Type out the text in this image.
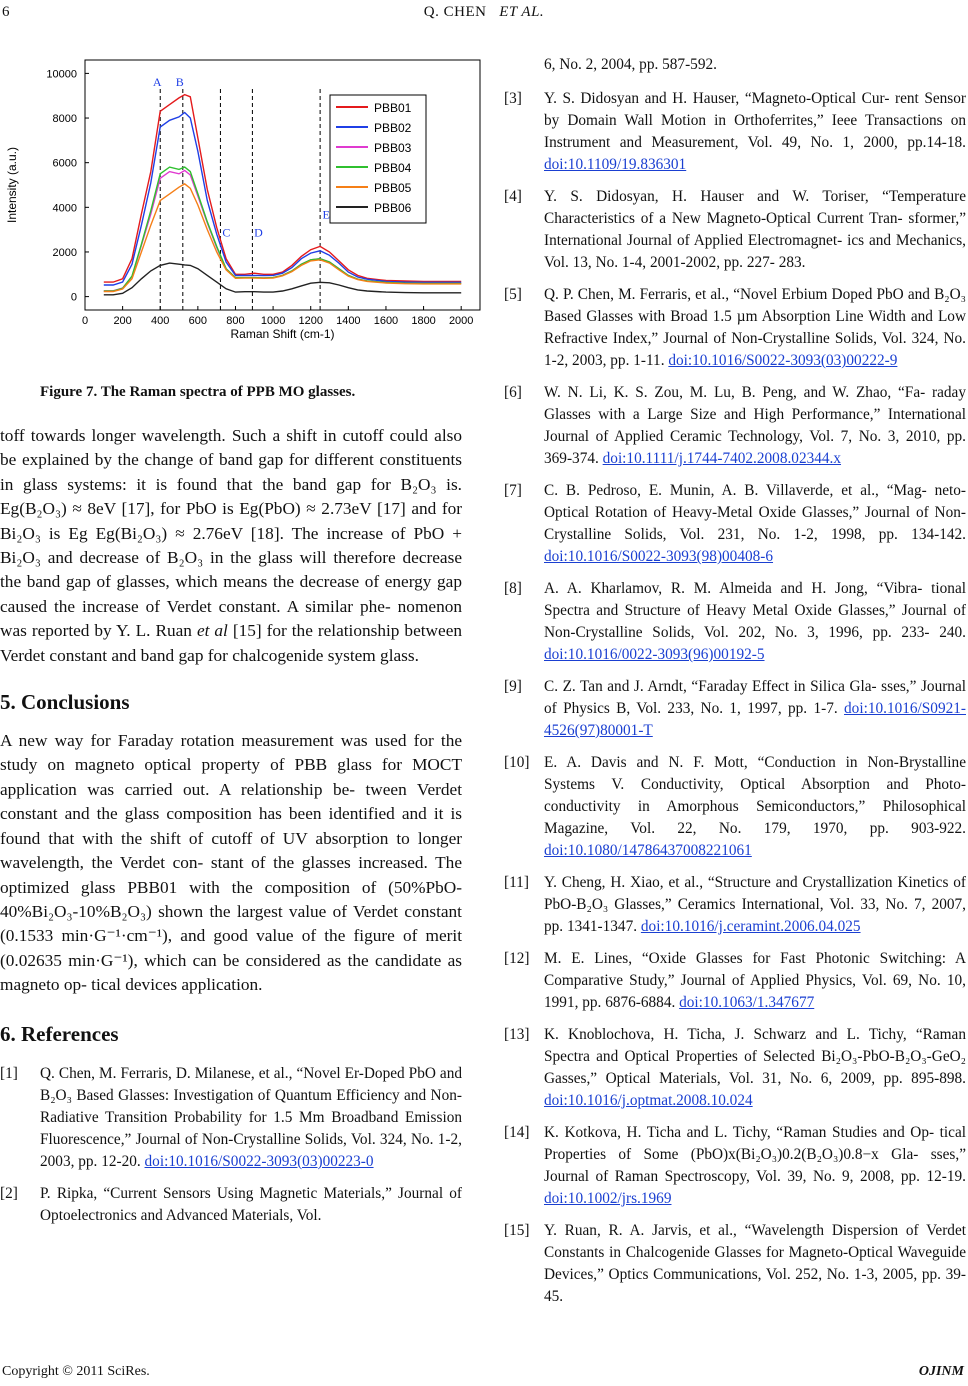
6	Q. CHEN ET AL.
0 200 400 600 800 1000 1200 1400 1600 1800 2000
0
2000
4000
6000
8000
10000
Raman Shift (cm-1)
Intensity (a.u.)
A B
C D
E
PBB01
PBB02
PBB03
PBB04
PBB05
PBB06
Figure 7. The Raman spectra of PPB MO glasses.

toff towards longer wavelength. Such a shift in cutoff could also be explained by the change of band gap for different constituents in glass systems: it is found that the band gap for B₂O₃ is. Eg(B₂O₃) ≈ 8eV [17], for PbO is Eg(PbO) ≈ 2.73eV [17] and for Bi₂O₃ is Eg Eg(Bi₂O₃) ≈ 2.76eV [18]. The increase of PbO + Bi₂O₃ and decrease of B₂O₃ in the glass will therefore decrease the band gap of glasses, which means the decrease of energy gap caused the increase of Verdet constant. A similar phe- nomenon was reported by Y. L. Ruan et al [15] for the relationship between Verdet constant and band gap for chalcogenide system glass.

5. Conclusions

A new way for Faraday rotation measurement was used for the study on magneto optical property of PBB glass for MOCT application was carried out. A relationship be- tween Verdet constant and the glass composition has been identified and it is found that with the shift of cutoff of UV absorption to longer wavelength, the Verdet con- stant of the glasses increased. The optimized glass PBB01 with the composition of (50%PbO-40%Bi₂O₃-10%B₂O₃) shown the largest value of Verdet constant (0.1533 min·G⁻¹·cm⁻¹), and good value of the figure of merit (0.02635 min·G⁻¹), which can be considered as the candidate as magneto op- tical devices application.

6. References
[1]	Q. Chen, M. Ferraris, D. Milanese, et al., “Novel Er-Doped PbO and B₂O₃ Based Glasses: Investigation of Quantum Efficiency and Non-Radiative Transition Probability for 1.5 Mm Broadband Emission Fluorescence,” Journal of Non-Crystalline Solids, Vol. 324, No. 1-2, 2003, pp. 12-20. doi:10.1016/S0022-3093(03)00223-0
[2]	P. Ripka, “Current Sensors Using Magnetic Materials,” Journal of Optoelectronics and Advanced Materials, Vol.
6, No. 2, 2004, pp. 587-592.
[3]	Y. S. Didosyan and H. Hauser, “Magneto-Optical Cur- rent Sensor by Domain Wall Motion in Orthoferrites,” Ieee Transactions on Instrument and Measurement, Vol. 49, No. 1, 2000, pp.14-18. doi:10.1109/19.836301
[4]	Y. S. Didosyan, H. Hauser and W. Toriser, “Temperature Characteristics of a New Magneto-Optical Current Tran- sformer,” International Journal of Applied Electromagnet- ics and Mechanics, Vol. 13, No. 1-4, 2001-2002, pp. 227- 283.
[5]	Q. P. Chen, M. Ferraris, et al., “Novel Erbium Doped PbO and B₂O₃ Based Glasses with Broad 1.5 µm Absorption Line Width and Low Refractive Index,” Journal of Non-Crystalline Solids, Vol. 324, No. 1-2, 2003, pp. 1-11. doi:10.1016/S0022-3093(03)00222-9
[6]	W. N. Li, K. S. Zou, M. Lu, B. Peng, and W. Zhao, “Fa- raday Glasses with a Large Size and High Performance,” International Journal of Applied Ceramic Technology, Vol. 7, No. 3, 2010, pp. 369-374. doi:10.1111/j.1744-7402.2008.02344.x
[7]	C. B. Pedroso, E. Munin, A. B. Villaverde, et al., “Mag- neto-Optical Rotation of Heavy-Metal Oxide Glasses,” Journal of Non-Crystalline Solids, Vol. 231, No. 1-2, 1998, pp. 134-142. doi:10.1016/S0022-3093(98)00408-6
[8]	A. A. Kharlamov, R. M. Almeida and H. Jong, “Vibra- tional Spectra and Structure of Heavy Metal Oxide Glasses,” Journal of Non-Crystalline Solids, Vol. 202, No. 3, 1996, pp. 233- 240. doi:10.1016/0022-3093(96)00192-5
[9]	C. Z. Tan and J. Arndt, “Faraday Effect in Silica Gla- sses,” Journal of Physics B, Vol. 233, No. 1, 1997, pp. 1-7. doi:10.1016/S0921-4526(97)80001-T
[10] E. A. Davis and N. F. Mott, “Conduction in Non-Brystalline Systems V. Conductivity, Optical Absorption and Photo- conductivity in Amorphous Semiconductors,” Philosophical Magazine, Vol. 22, No. 179, 1970, pp. 903-922. doi:10.1080/14786437008221061
[11] Y. Cheng, H. Xiao, et al., “Structure and Crystallization Kinetics of PbO-B₂O₃ Glasses,” Ceramics International, Vol. 33, No. 7, 2007, pp. 1341-1347. doi:10.1016/j.ceramint.2006.04.025
[12] M. E. Lines, “Oxide Glasses for Fast Photonic Switching: A Comparative Study,” Journal of Applied Physics, Vol. 69, No. 10, 1991, pp. 6876-6884. doi:10.1063/1.347677
[13] K. Knoblochova, H. Ticha, J. Schwarz and L. Tichy, “Raman Spectra and Optical Properties of Selected Bi₂O₃-PbO-B₂O₃-GeO₂ Gasses,” Optical Materials, Vol. 31, No. 6, 2009, pp. 895-898. doi:10.1016/j.optmat.2008.10.024
[14] K. Kotkova, H. Ticha and L. Tichy, “Raman Studies and Op- tical Properties of Some (PbO)x(Bi₂O₃)0.2(B₂O₃)0.8−x Gla- sses,” Journal of Raman Spectroscopy, Vol. 39, No. 9, 2008, pp. 12-19. doi:10.1002/jrs.1969
[15] Y. Ruan, R. A. Jarvis, et al., “Wavelength Dispersion of Verdet Constants in Chalcogenide Glasses for Magneto-Optical Waveguide Devices,” Optics Communications, Vol. 252, No. 1-3, 2005, pp. 39-45.
Copyright © 2011 SciRes.	OJINM
